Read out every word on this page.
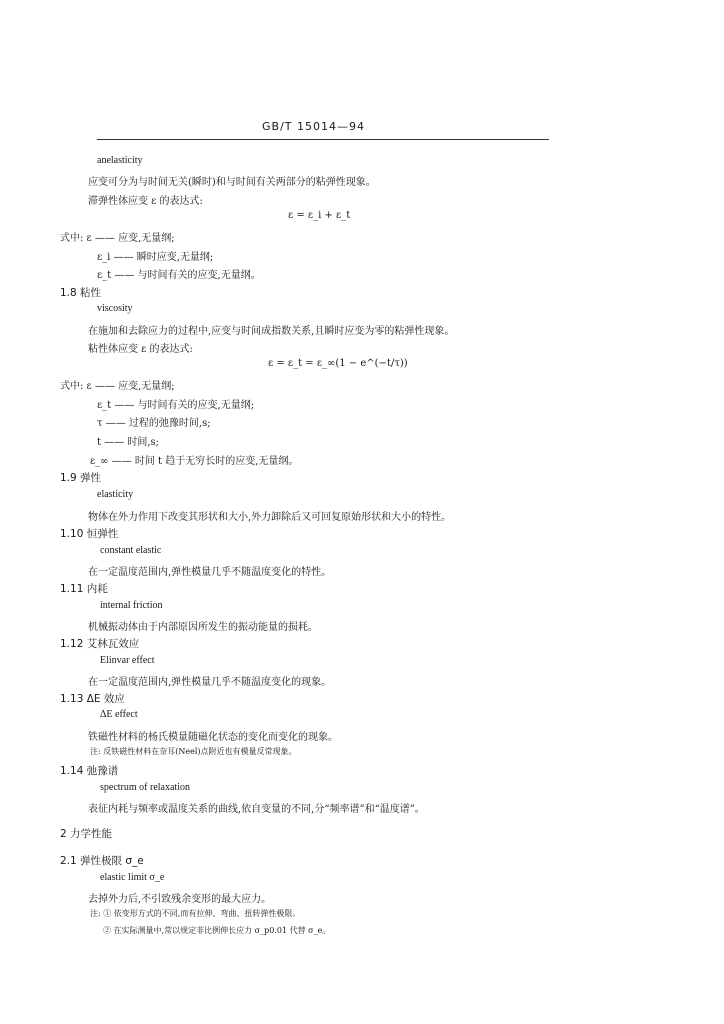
GB/T 15014—94
anelasticity
应变可分为与时间无关(瞬时)和与时间有关两部分的粘弹性现象。
滞弹性体应变 ε 的表达式:
ε = ε_i + ε_t
式中: ε —— 应变,无量纲;
ε_i —— 瞬时应变,无量纲;
ε_t —— 与时间有关的应变,无量纲。
1.8 粘性
viscosity
在施加和去除应力的过程中,应变与时间成指数关系,且瞬时应变为零的粘弹性现象。
粘性体应变 ε 的表达式:
ε = ε_t = ε_∞(1 − e^(−t/τ))
式中: ε —— 应变,无量纲;
ε_t —— 与时间有关的应变,无量纲;
τ —— 过程的弛豫时间,s;
t —— 时间,s;
ε_∞ —— 时间 t 趋于无穷长时的应变,无量纲。
1.9 弹性
elasticity
物体在外力作用下改变其形状和大小,外力卸除后又可回复原始形状和大小的特性。
1.10 恒弹性
constant elastic
在一定温度范围内,弹性模量几乎不随温度变化的特性。
1.11 内耗
internal friction
机械振动体由于内部原因所发生的振动能量的损耗。
1.12 艾林瓦效应
Elinvar effect
在一定温度范围内,弹性模量几乎不随温度变化的现象。
1.13 ΔE 效应
ΔE effect
铁磁性材料的杨氏模量随磁化状态的变化而变化的现象。
注: 反铁磁性材料在奈耳(Neel)点附近也有模量反常现象。
1.14 弛豫谱
spectrum of relaxation
表征内耗与频率或温度关系的曲线,依自变量的不同,分“频率谱”和“温度谱”。
2 力学性能
2.1 弹性极限 σ_e
elastic limit σ_e
去掉外力后,不引致残余变形的最大应力。
注: ① 依变形方式的不同,而有拉伸、弯曲、扭转弹性极限。
② 在实际测量中,常以规定非比例伸长应力 σ_p0.01 代替 σ_e。
